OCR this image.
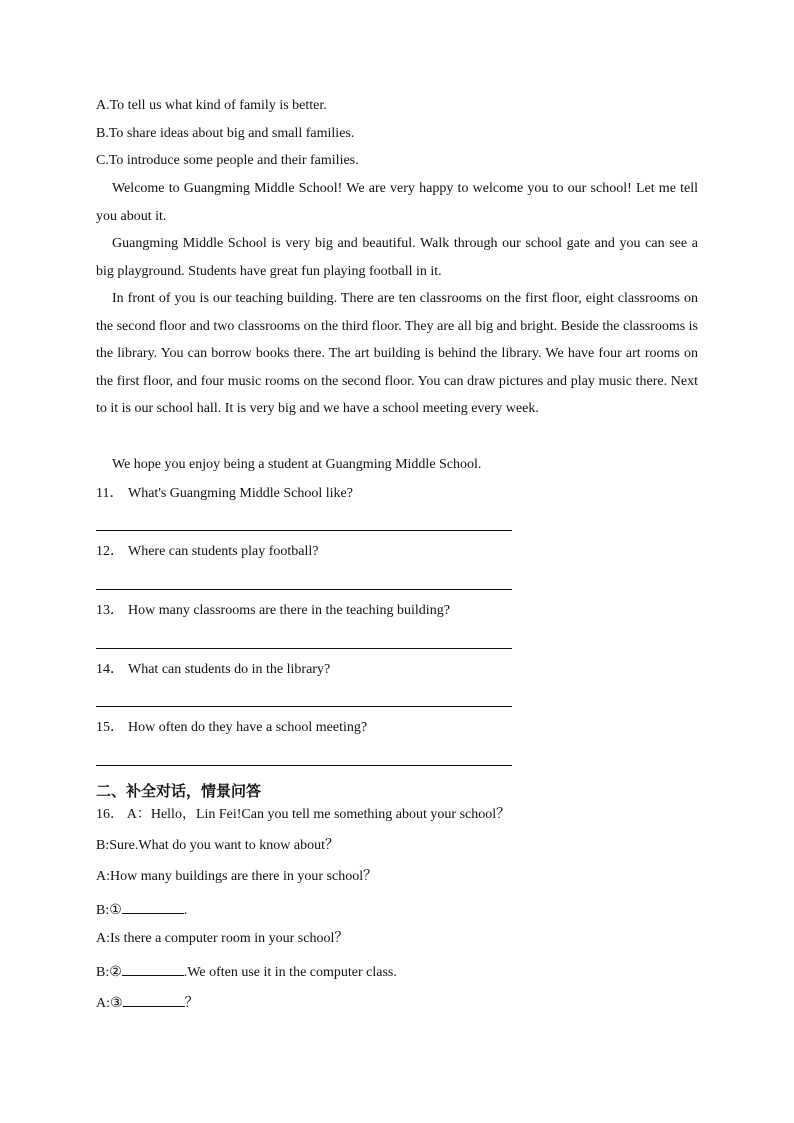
A.To tell us what kind of family is better.
B.To share ideas about big and small families.
C.To introduce some people and their families.
Welcome to Guangming Middle School! We are very happy to welcome you to our school! Let me tell you about it.
Guangming Middle School is very big and beautiful. Walk through our school gate and you can see a big playground. Students have great fun playing football in it.
In front of you is our teaching building. There are ten classrooms on the first floor, eight classrooms on the second floor and two classrooms on the third floor. They are all big and bright. Beside the classrooms is the library. You can borrow books there. The art building is behind the library. We have four art rooms on the first floor, and four music rooms on the second floor. You can draw pictures and play music there. Next to it is our school hall. It is very big and we have a school meeting every week.
We hope you enjoy being a student at Guangming Middle School.
11． What's Guangming Middle School like?
12． Where can students play football?
13． How many classrooms are there in the teaching building?
14． What can students do in the library?
15． How often do they have a school meeting?
二、补全对话，情景问答
16． A：Hello，Lin Fei!Can you tell me something about your school？
B:Sure.What do you want to know about？
A:How many buildings are there in your school？
B:①	.
A:Is there a computer room in your school？
B:②	.We often use it in the computer class.
A:③	？
